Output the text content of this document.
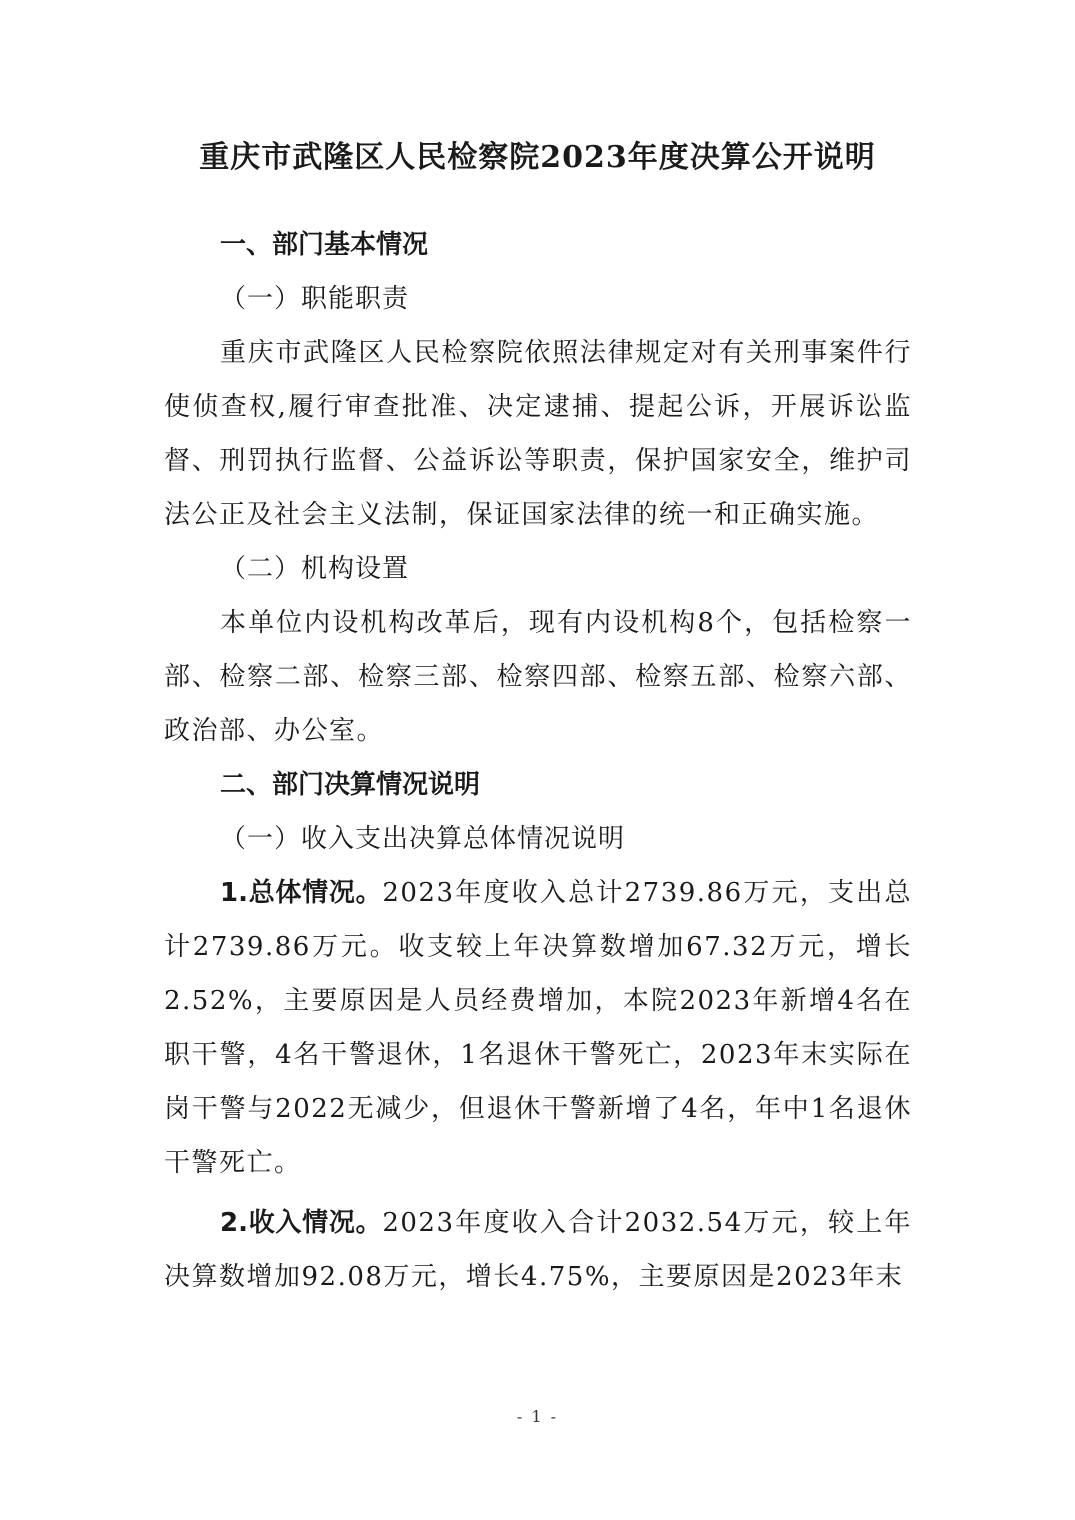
重庆市武隆区人民检察院2023年度决算公开说明

一、部门基本情况

（一）职能职责

重庆市武隆区人民检察院依照法律规定对有关刑事案件行使侦查权,履行审查批准、决定逮捕、提起公诉，开展诉讼监督、刑罚执行监督、公益诉讼等职责，保护国家安全，维护司法公正及社会主义法制，保证国家法律的统一和正确实施。

（二）机构设置

本单位内设机构改革后，现有内设机构8个，包括检察一部、检察二部、检察三部、检察四部、检察五部、检察六部、政治部、办公室。

二、部门决算情况说明

（一）收入支出决算总体情况说明

1.总体情况。2023年度收入总计2739.86万元，支出总计2739.86万元。收支较上年决算数增加67.32万元，增长2.52%，主要原因是人员经费增加，本院2023年新增4名在职干警，4名干警退休，1名退休干警死亡，2023年末实际在岗干警与2022无减少，但退休干警新增了4名，年中1名退休干警死亡。

2.收入情况。2023年度收入合计2032.54万元，较上年决算数增加92.08万元，增长4.75%，主要原因是2023年末

- 1 -
